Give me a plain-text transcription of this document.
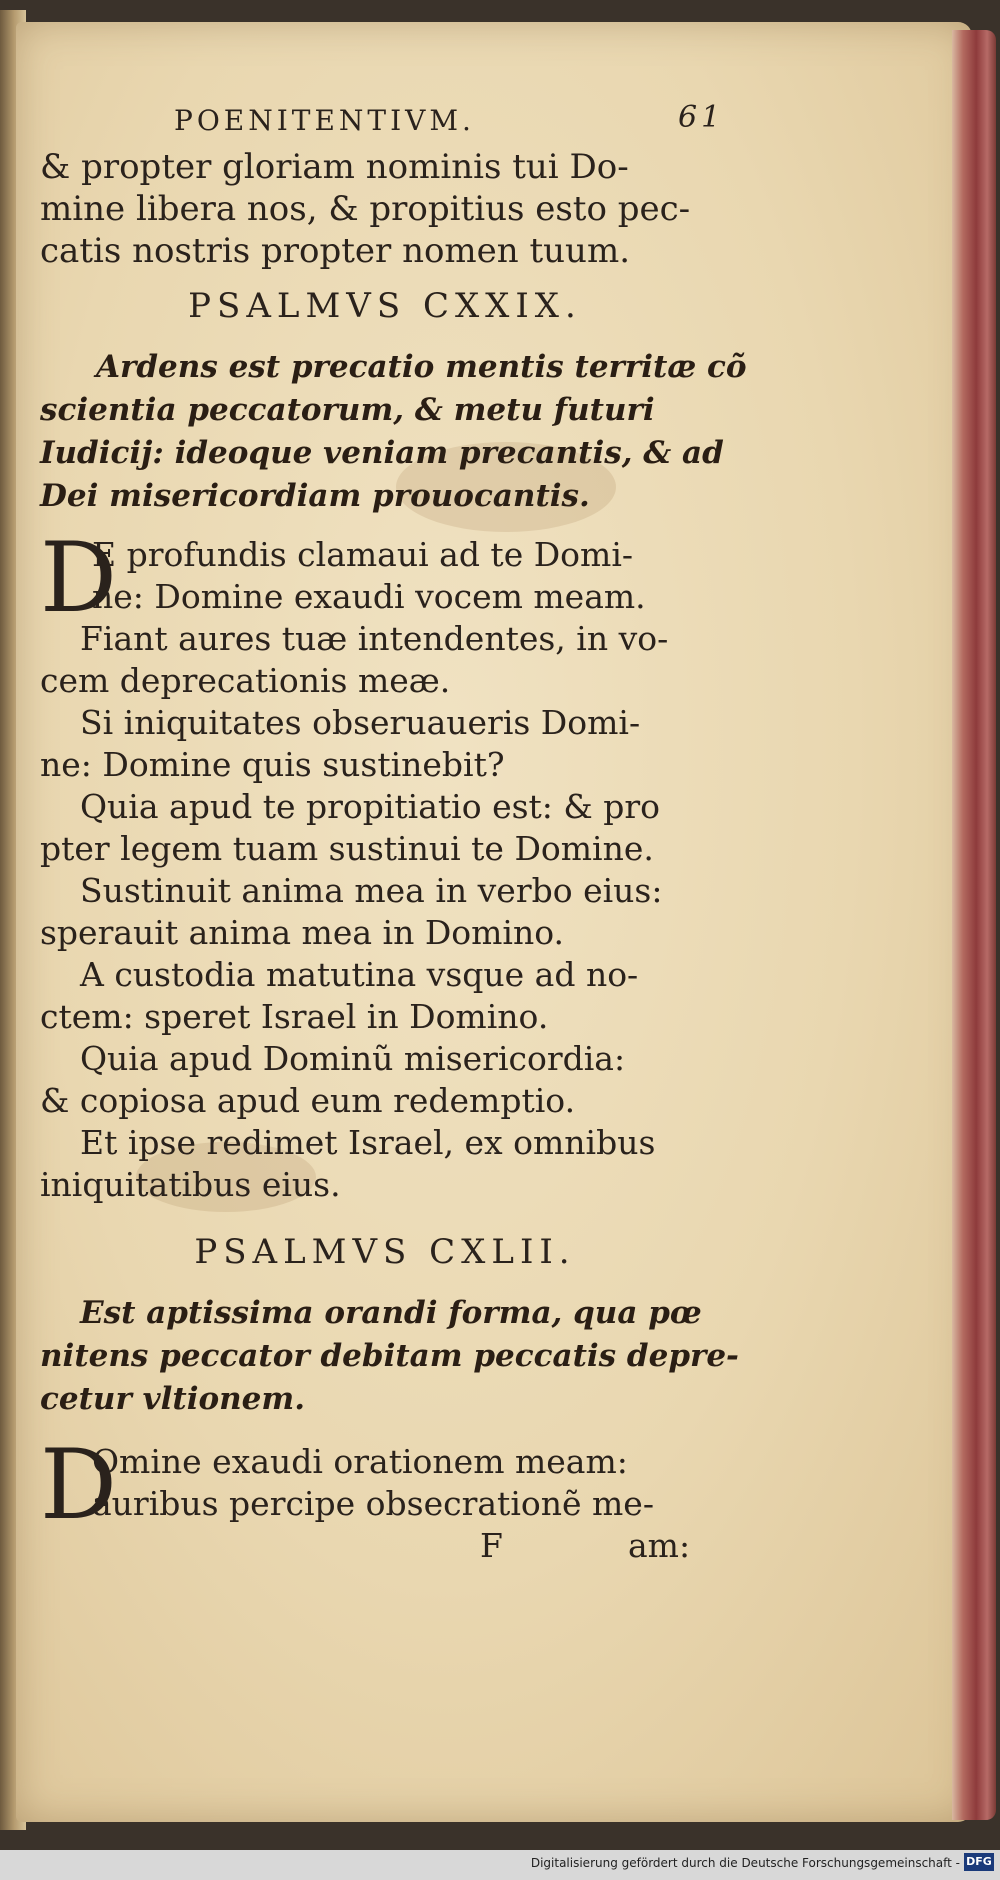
POENITENTIVM.	61
& propter gloriam nominis tui Do-
mine libera nos, & propitius esto pec-
catis nostris propter nomen tuum.
PSALMVS CXXIX.
Ardens est precatio mentis territæ cõ
scientia peccatorum, & metu futuri
Iudicij: ideoque veniam precantis, & ad
Dei misericordiam prouocantis.
D
E profundis clamaui ad te Domi-
ne: Domine exaudi vocem meam.
Fiant aures tuæ intendentes, in vo-
cem deprecationis meæ.
Si iniquitates obseruaueris Domi-
ne: Domine quis sustinebit?
Quia apud te propitiatio est: & pro
pter legem tuam sustinui te Domine.
Sustinuit anima mea in verbo eius:
sperauit anima mea in Domino.
A custodia matutina vsque ad no-
ctem: speret Israel in Domino.
Quia apud Dominũ misericordia:
& copiosa apud eum redemptio.
Et ipse redimet Israel, ex omnibus
iniquitatibus eius.
PSALMVS CXLII.
Est aptissima orandi forma, qua pœ
nitens peccator debitam peccatis depre-
cetur vltionem.
D
Omine exaudi orationem meam:
auribus percipe obsecrationẽ me-
F	am:
Digitalisierung gefördert durch die Deutsche Forschungsgemeinschaft - DFG
